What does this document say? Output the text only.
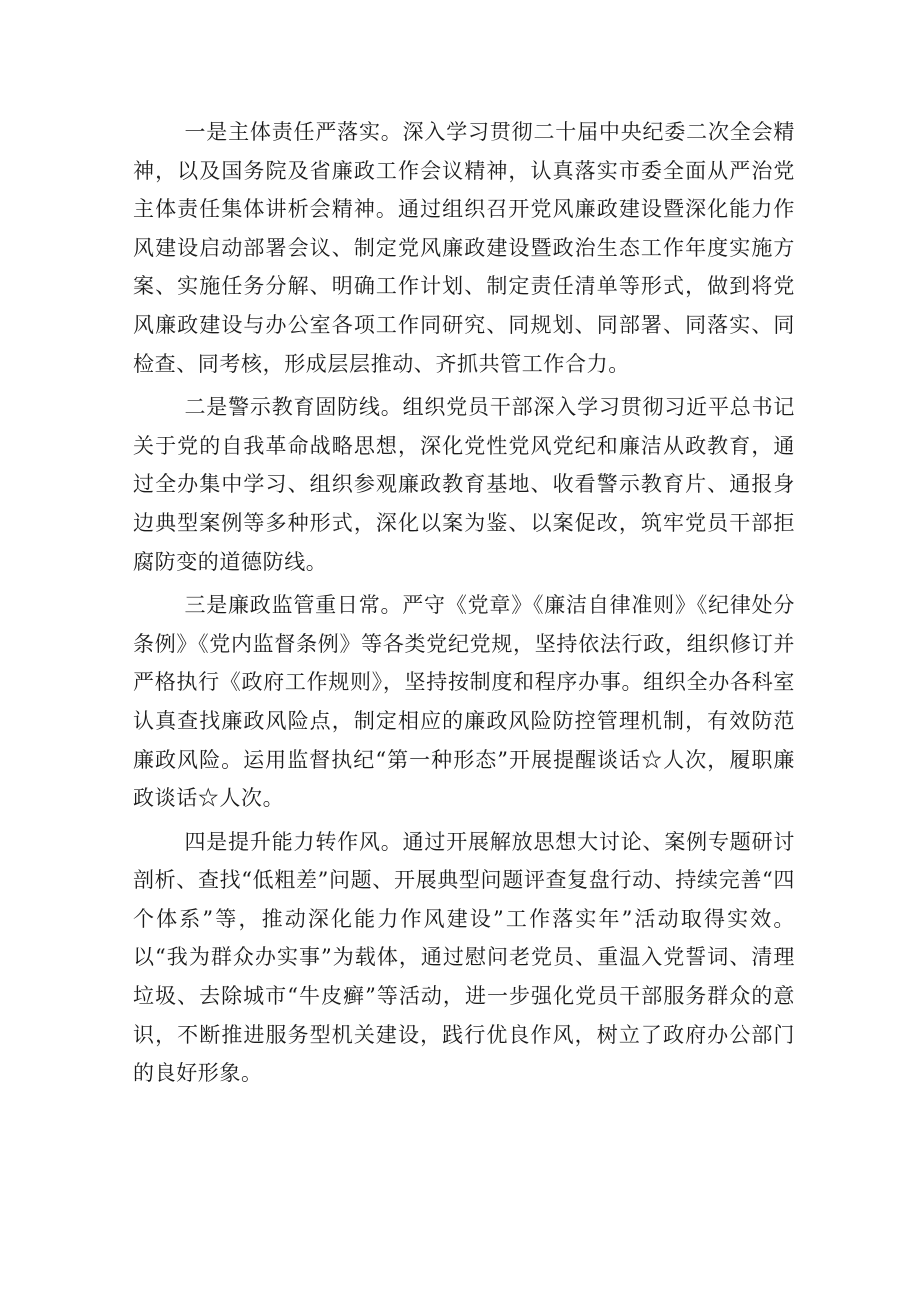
一是主体责任严落实。深入学习贯彻二十届中央纪委二次全会精神，以及国务院及省廉政工作会议精神，认真落实市委全面从严治党主体责任集体讲析会精神。通过组织召开党风廉政建设暨深化能力作风建设启动部署会议、制定党风廉政建设暨政治生态工作年度实施方案、实施任务分解、明确工作计划、制定责任清单等形式，做到将党风廉政建设与办公室各项工作同研究、同规划、同部署、同落实、同检查、同考核，形成层层推动、齐抓共管工作合力。

二是警示教育固防线。组织党员干部深入学习贯彻习近平总书记关于党的自我革命战略思想，深化党性党风党纪和廉洁从政教育，通过全办集中学习、组织参观廉政教育基地、收看警示教育片、通报身边典型案例等多种形式，深化以案为鉴、以案促改，筑牢党员干部拒腐防变的道德防线。

三是廉政监管重日常。严守《党章》《廉洁自律准则》《纪律处分条例》《党内监督条例》等各类党纪党规，坚持依法行政，组织修订并严格执行《政府工作规则》，坚持按制度和程序办事。组织全办各科室认真查找廉政风险点，制定相应的廉政风险防控管理机制，有效防范廉政风险。运用监督执纪“第一种形态”开展提醒谈话☆人次，履职廉政谈话☆人次。

四是提升能力转作风。通过开展解放思想大讨论、案例专题研讨剖析、查找“低粗差”问题、开展典型问题评查复盘行动、持续完善“四个体系”等，推动深化能力作风建设”工作落实年”活动取得实效。以“我为群众办实事”为载体，通过慰问老党员、重温入党誓词、清理垃圾、去除城市“牛皮癣”等活动，进一步强化党员干部服务群众的意识，不断推进服务型机关建设，践行优良作风，树立了政府办公部门的良好形象。
